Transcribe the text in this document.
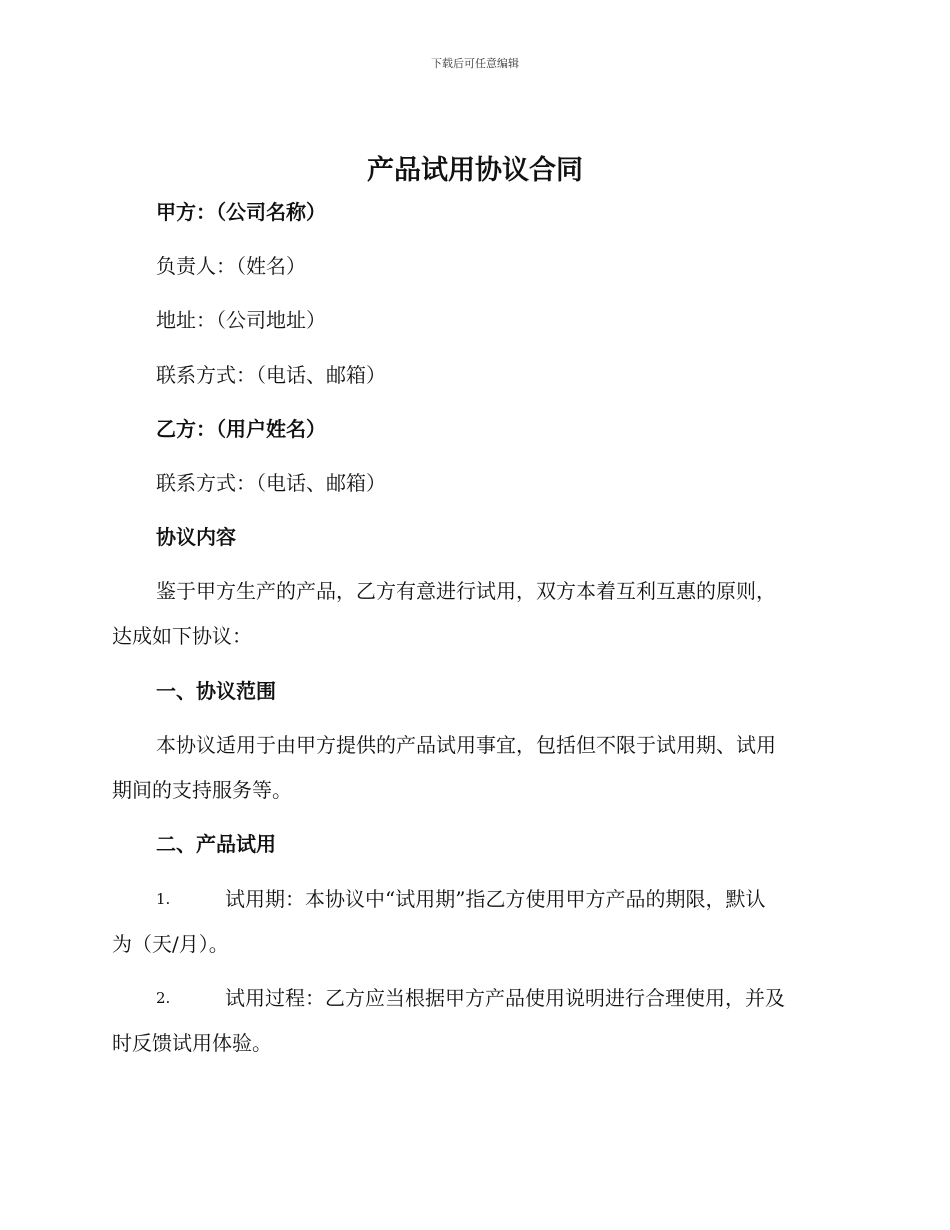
下载后可任意编辑
产品试用协议合同
甲方：（公司名称）
负责人：（姓名）
地址：（公司地址）
联系方式：（电话、邮箱）
乙方：（用户姓名）
联系方式：（电话、邮箱）
协议内容
鉴于甲方生产的产品，乙方有意进行试用，双方本着互利互惠的原则，
达成如下协议：
一、协议范围
本协议适用于由甲方提供的产品试用事宜，包括但不限于试用期、试用
期间的支持服务等。
二、产品试用
1.	试用期：本协议中“试用期”指乙方使用甲方产品的期限，默认
为（天/月）。
2.	试用过程：乙方应当根据甲方产品使用说明进行合理使用，并及
时反馈试用体验。
